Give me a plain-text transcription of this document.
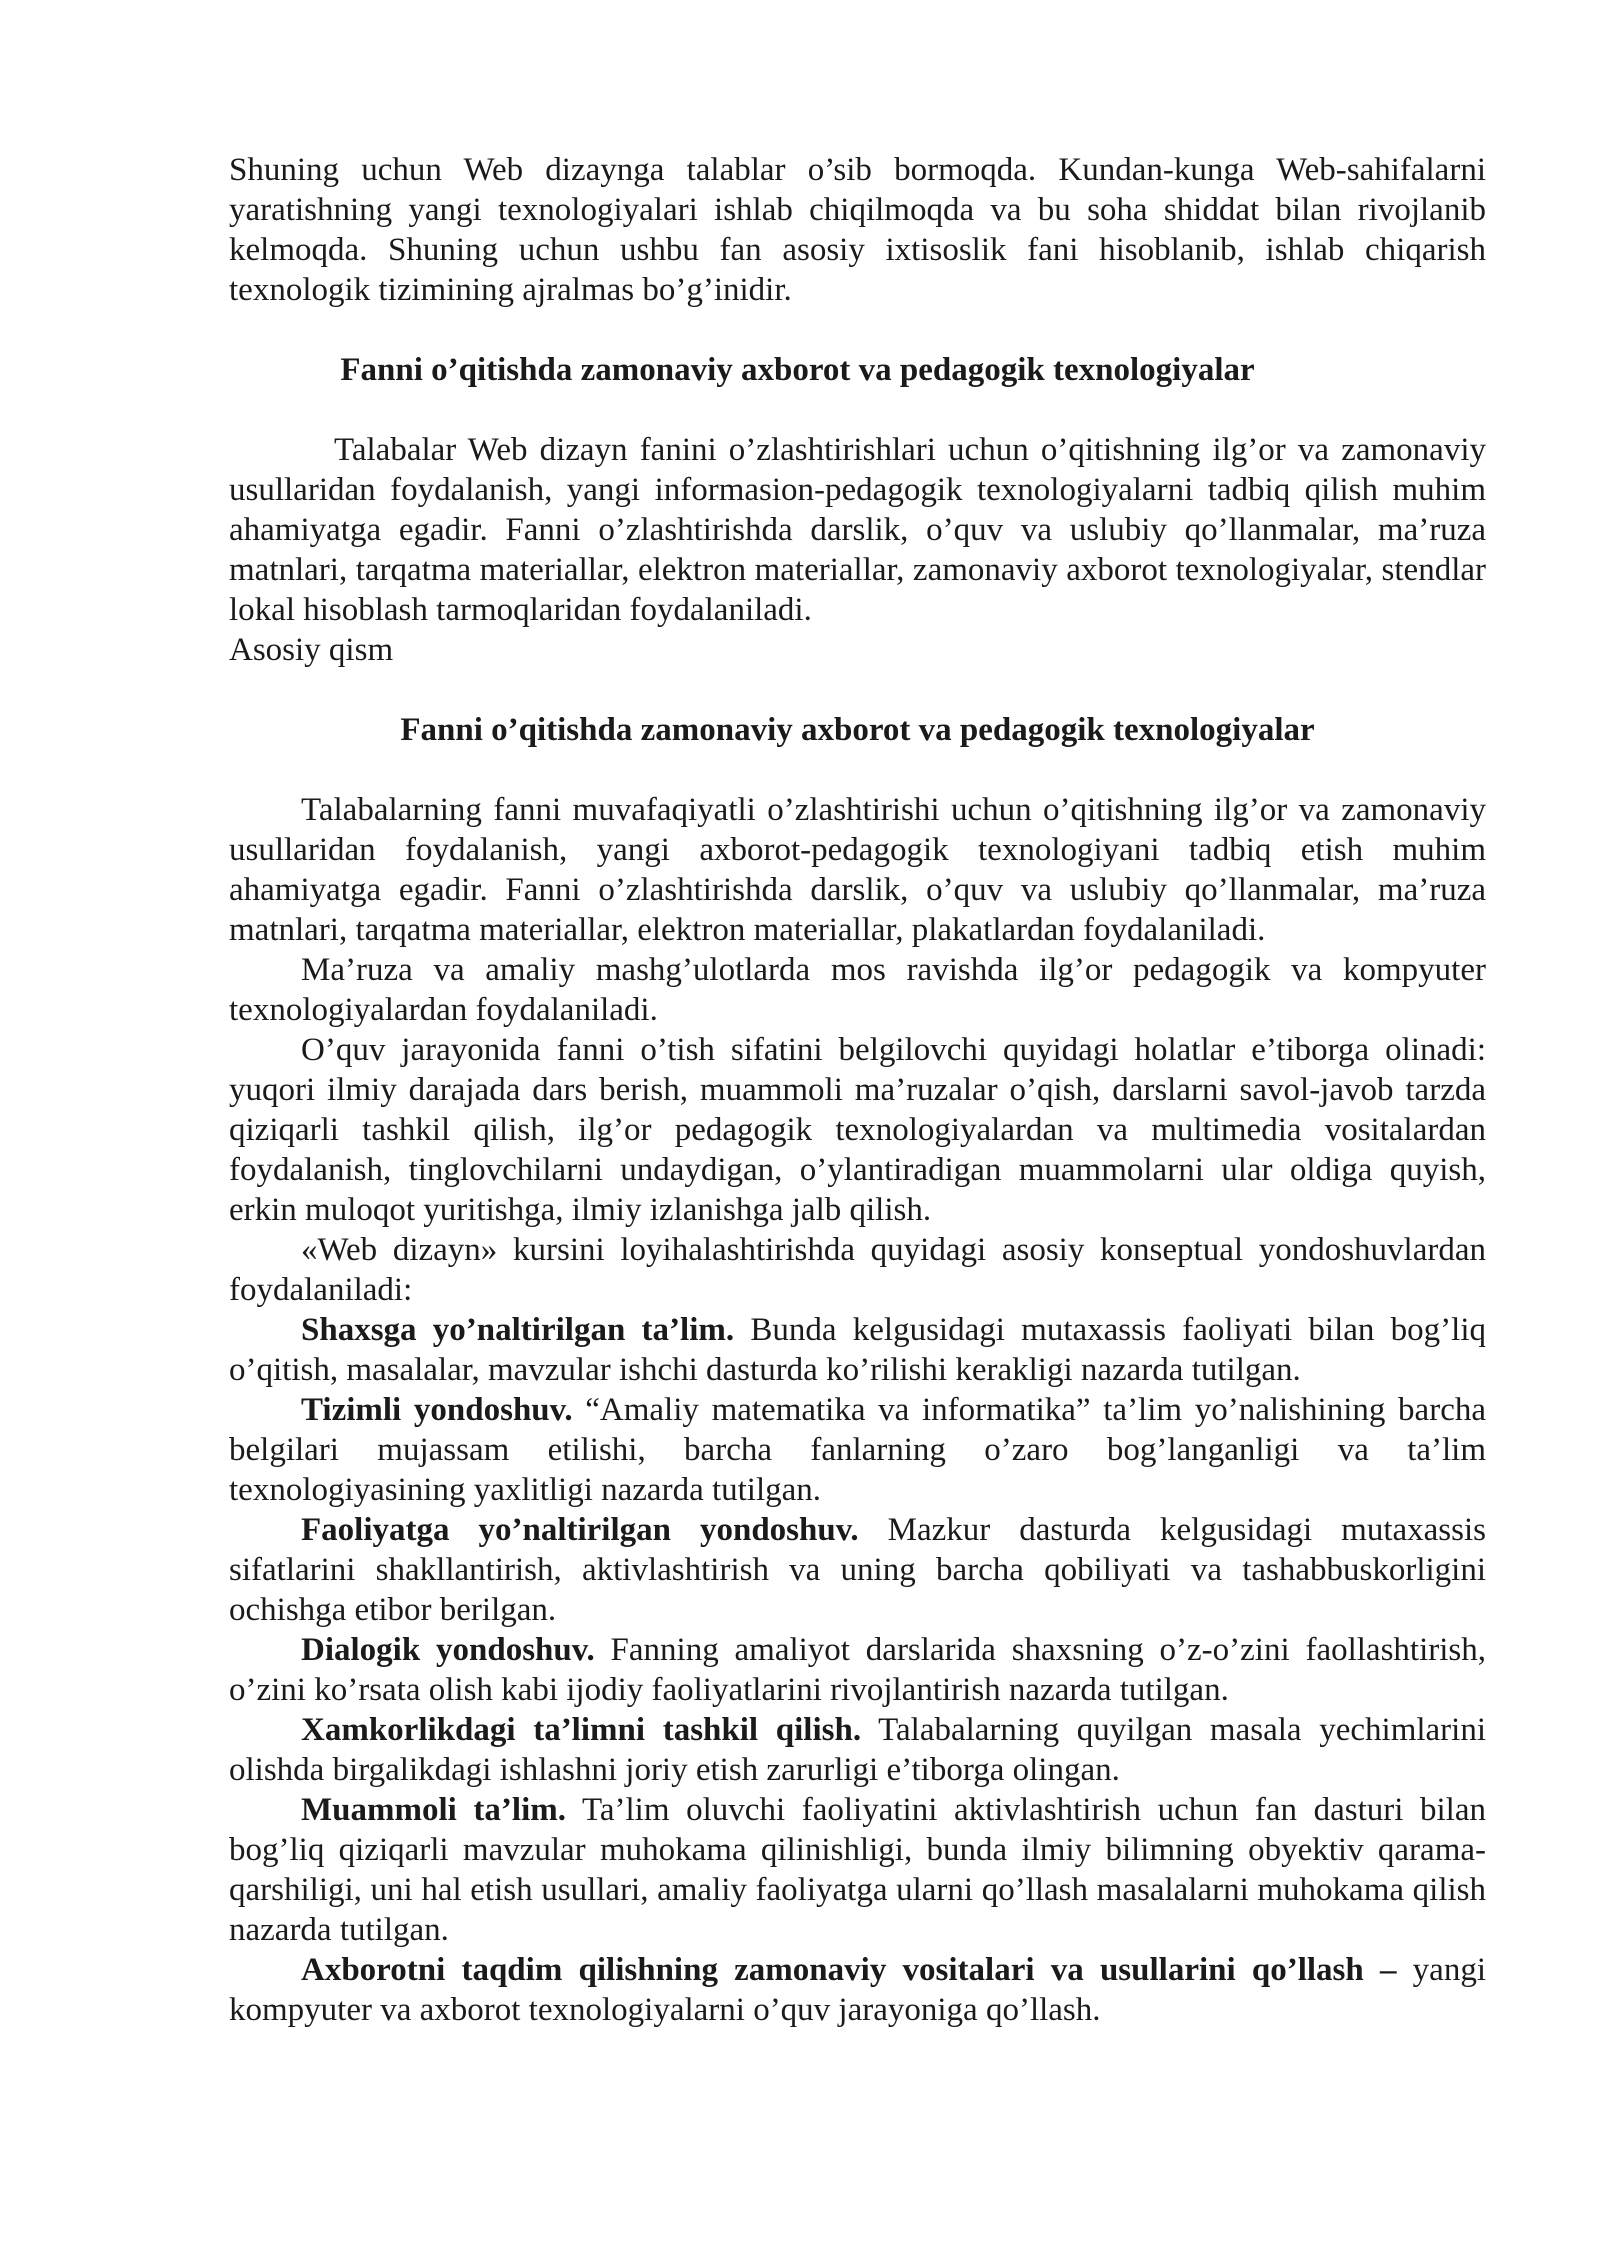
Shuning uchun Web dizaynga talablar o’sib bormoqda. Kundan-kunga Web-sahifalarni yaratishning yangi texnologiyalari ishlab chiqilmoqda va bu soha shiddat bilan rivojlanib kelmoqda. Shuning uchun ushbu fan asosiy ixtisoslik fani hisoblanib, ishlab chiqarish texnologik tizimining ajralmas bo’g’inidir.

Fanni o’qitishda zamonaviy axborot va pedagogik texnologiyalar

Talabalar Web dizayn fanini o’zlashtirishlari uchun o’qitishning ilg’or va zamonaviy usullaridan foydalanish, yangi informasion-pedagogik texnologiyalarni tadbiq qilish muhim ahamiyatga egadir. Fanni o’zlashtirishda darslik, o’quv va uslubiy qo’llanmalar, ma’ruza matnlari, tarqatma materiallar, elektron materiallar, zamonaviy axborot texnologiyalar, stendlar lokal hisoblash tarmoqlaridan foydalaniladi.

Asosiy qism

Fanni o’qitishda zamonaviy axborot va pedagogik texnologiyalar

Talabalarning fanni muvafaqiyatli o’zlashtirishi uchun o’qitishning ilg’or va zamonaviy usullaridan foydalanish, yangi axborot-pedagogik texnologiyani tadbiq etish muhim ahamiyatga egadir. Fanni o’zlashtirishda darslik, o’quv va uslubiy qo’llanmalar, ma’ruza matnlari, tarqatma materiallar, elektron materiallar, plakatlardan foydalaniladi.

Ma’ruza va amaliy mashg’ulotlarda mos ravishda ilg’or pedagogik va kompyuter texnologiyalardan foydalaniladi.

O’quv jarayonida fanni o’tish sifatini belgilovchi quyidagi holatlar e’tiborga olinadi: yuqori ilmiy darajada dars berish, muammoli ma’ruzalar o’qish, darslarni savol-javob tarzda qiziqarli tashkil qilish, ilg’or pedagogik texnologiyalardan va multimedia vositalardan foydalanish, tinglovchilarni undaydigan, o’ylantiradigan muammolarni ular oldiga quyish, erkin muloqot yuritishga, ilmiy izlanishga jalb qilish.

«Web dizayn» kursini loyihalashtirishda quyidagi asosiy konseptual yondoshuvlardan foydalaniladi:

Shaxsga yo’naltirilgan ta’lim. Bunda kelgusidagi mutaxassis faoliyati bilan bog’liq o’qitish, masalalar, mavzular ishchi dasturda ko’rilishi kerakligi nazarda tutilgan.

Tizimli yondoshuv. “Amaliy matematika va informatika” ta’lim yo’nalishining barcha belgilari mujassam etilishi, barcha fanlarning o’zaro bog’langanligi va ta’lim texnologiyasining yaxlitligi nazarda tutilgan.

Faoliyatga yo’naltirilgan yondoshuv. Mazkur dasturda kelgusidagi mutaxassis sifatlarini shakllantirish, aktivlashtirish va uning barcha qobiliyati va tashabbuskorligini ochishga etibor berilgan.

Dialogik yondoshuv. Fanning amaliyot darslarida shaxsning o’z-o’zini faollashtirish, o’zini ko’rsata olish kabi ijodiy faoliyatlarini rivojlantirish nazarda tutilgan.

Xamkorlikdagi ta’limni tashkil qilish. Talabalarning quyilgan masala yechimlarini olishda birgalikdagi ishlashni joriy etish zarurligi e’tiborga olingan.

Muammoli ta’lim. Ta’lim oluvchi faoliyatini aktivlashtirish uchun fan dasturi bilan bog’liq qiziqarli mavzular muhokama qilinishligi, bunda ilmiy bilimning obyektiv qarama-qarshiligi, uni hal etish usullari, amaliy faoliyatga ularni qo’llash masalalarni muhokama qilish nazarda tutilgan.

Axborotni taqdim qilishning zamonaviy vositalari va usullarini qo’llash – yangi kompyuter va axborot texnologiyalarni o’quv jarayoniga qo’llash.
